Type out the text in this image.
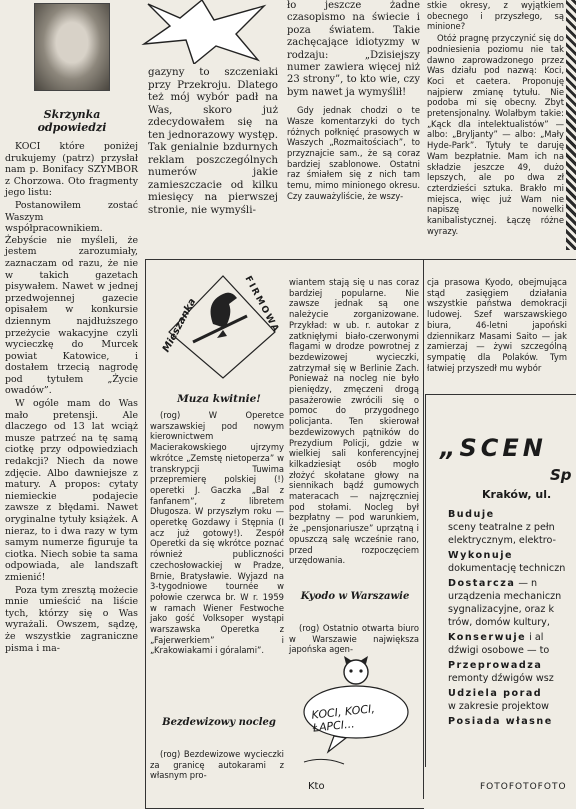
Skrzynka odpowiedzi

KOCI które poniżej drukujemy (patrz) przysłał nam p. Bonifacy SZYMBOR z Chorzowa. Oto fragmenty jego listu:

Postanowiłem zostać Waszym współpracownikiem. Żebyście nie myśleli, że jestem zarozumiały, zaznaczam od razu, że nie w takich gazetach pisywałem. Nawet w jednej przedwojennej gazecie opisałem w konkursie dziennym najdłuższego przeżycie wakacyjne czyli wycieczkę do Murcek powiat Katowice, i dostałem trzecią nagrodę pod tytułem „Życie owadów”.

W ogóle mam do Was mało pretensji. Ale dlaczego od 13 lat wciąż musze patrzeć na tę samą ciotkę przy odpowiedziach redakcji? Niech da nowe zdjęcie. Albo dawniejsze z matury. A propos: cytaty niemieckie podajecie zawsze z błędami. Nawet oryginalne tytuły książek. A nieraz, to i dwa razy w tym samym numerze figuruje ta ciotka. Niech sobie ta sama odpowiada, ale landszaft zmienić!

Poza tym zresztą możecie mnie umieścić na liście tych, którzy się o Was wyrażali. Owszem, sądzę, że wszystkie zagraniczne pisma i ma-

gazyny to szczeniaki przy Przekroju. Dlatego też mój wybór padł na Was, skoro już zdecydowałem się na ten jednorazowy występ. Tak genialnie bzdurnych reklam poszczególnych numerów jakie zamieszczacie od kilku miesięcy na pierwszej stronie, nie wymyśli-

ło jeszcze żadne czasopismo na świecie i poza światem. Takie zachęcające idiotyzmy w rodzaju: „Dzisiejszy numer zawiera więcej niż 23 strony”, to kto wie, czy bym nawet ja wymyślił!

Gdy jednak chodzi o te Wasze komentarzyki do tych różnych połknięć prasowych w Waszych „Rozmaitościach”, to przyznajcie sam., że są coraz bardziej szablonowe. Ostatni raz śmiałem się z nich tam temu, mimo minionego okresu. Czy zauważyliście, że wszy-

stkie okresy, z wyjątkiem obecnego i przyszłego, są minione?

Otóż pragnę przyczynić się do podniesienia poziomu nie tak dawno zaprowadzonego przez Was działu pod nazwą: Koci, Koci et caetera. Proponuję najpierw zmianę tytułu. Nie podoba mi się obecny. Zbyt pretensjonalny. Wolałbym takie: „Kąck dla intelektualistów” — albo: „Bryljanty” — albo: „Mały Hyde-Park”. Tytuły te daruję Wam bezpłatnie. Mam ich na składzie jeszcze 49, dużo lepszych, ale po dwa zł czterdzieści sztuka. Brakło mi miejsca, więc już Wam nie napiszę nowelki kanibalistycznej. Łączę różne wyrazy.

Mieszanka	FIRMOWA
Muza kwitnie!
(rog) W Operetce warszawskiej pod nowym kierownictwem Macierakowskiego ujrzymy wkrótce „Zemstę nietoperza” w transkrypcji Tuwima przepremierę polskiej (!) operetki J. Gaczka „Bal z fanfanem”, z libretem Długosza. W przyszłym roku — operetkę Gozdawy i Stępnia (I acz już gotowy!). Zespół Operetki da się wkrótce poznać również publiczności czechosłowackiej w Pradze, Brnie, Bratysławie. Wyjazd na 3-tygodniowe tournée w połowie czerwca br. W r. 1959 w ramach Wiener Festwoche jako gość Volksoper wystąpi warszawska Operetka z „Fajerwerkiem” i „Krakowiakami i góralami”.
Bezdewizowy nocleg
(rog) Bezdewizowe wycieczki za granicę autokarami z własnym pro-
wiantem stają się u nas coraz bardziej popularne. Nie zawsze jednak są one należycie zorganizowane. Przykład: w ub. r. autokar z zatknięłymi biało-czerwonymi flagami w drodze powrotnej z bezdewizowej wycieczki, zatrzymał się w Berlinie Zach. Ponieważ na nocleg nie było pieniędzy, zmęczeni drogą pasażerowie zwrócili się o pomoc do przygodnego policjanta. Ten skierował bezdewizowych pątników do Prezydium Policji, gdzie w wielkiej sali konferencyjnej kilkadziesiąt osób mogło złożyć skołatane głowy na siennikach bądź gumowych materacach — najzręczniej pod stołami. Nocleg był bezpłatny — pod warunkiem, że „pensjonariusze” uprzątną i opuszczą salę wcześnie rano, przed rozpoczęciem urzędowania.
Kyodo w Warszawie
(rog) Ostatnio otwarta biuro w Warszawie największa japońska agen-
KOCI, KOCI, ŁAPCI...
Kto
cja prasowa Kyodo, obejmująca stąd zasięgiem działania wszystkie państwa demokracji ludowej. Szef warszawskiego biura, 46-letni japoński dziennikarz Masami Saito — jak zamierzaj — żywi szczególną sympatię dla Polaków. Tym łatwiej przyszedł mu wybór
„SCEN
Sp
Kraków, ul.
Buduje
sceny teatralne z pełn
elektrycznym, elektro-
Wykonuje
dokumentację techniczn
Dostarcza — n
urządzenia mechaniczn
sygnalizacyjne, oraz k
trów, domów kultury,
Konserwuje i al
dźwigi osobowe — to
Przeprowadza
remonty dźwigów wsz
Udziela porad
w zakresie projektow
Posiada własne
FOTOFOTOFOTO
